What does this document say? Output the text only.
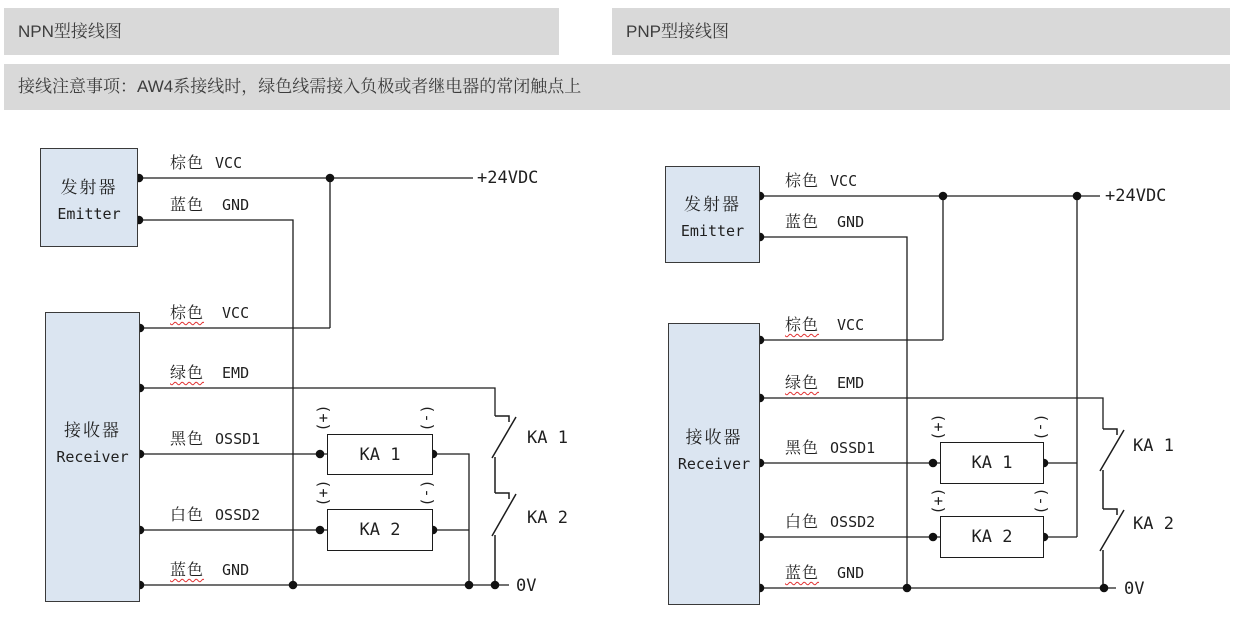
NPN型接线图	PNP型接线图
接线注意事项：AW4系接线时，绿色线需接入负极或者继电器的常闭触点上
发射器
Emitter
接收器
Receiver
棕色 VCC
蓝色 GND
棕色 VCC
绿色 EMD
黑色 OSSD1
白色 OSSD2
蓝色 GND
KA 1
KA 2
(+)	(-)
(+)	(-)
+24VDC
0V
KA 1
KA 2
发射器
Emitter
接收器
Receiver
棕色 VCC
蓝色 GND
棕色 VCC
绿色 EMD
黑色 OSSD1
白色 OSSD2
蓝色 GND
KA 1
KA 2
(+)	(-)
(+)	(-)
+24VDC
0V
KA 1
KA 2
